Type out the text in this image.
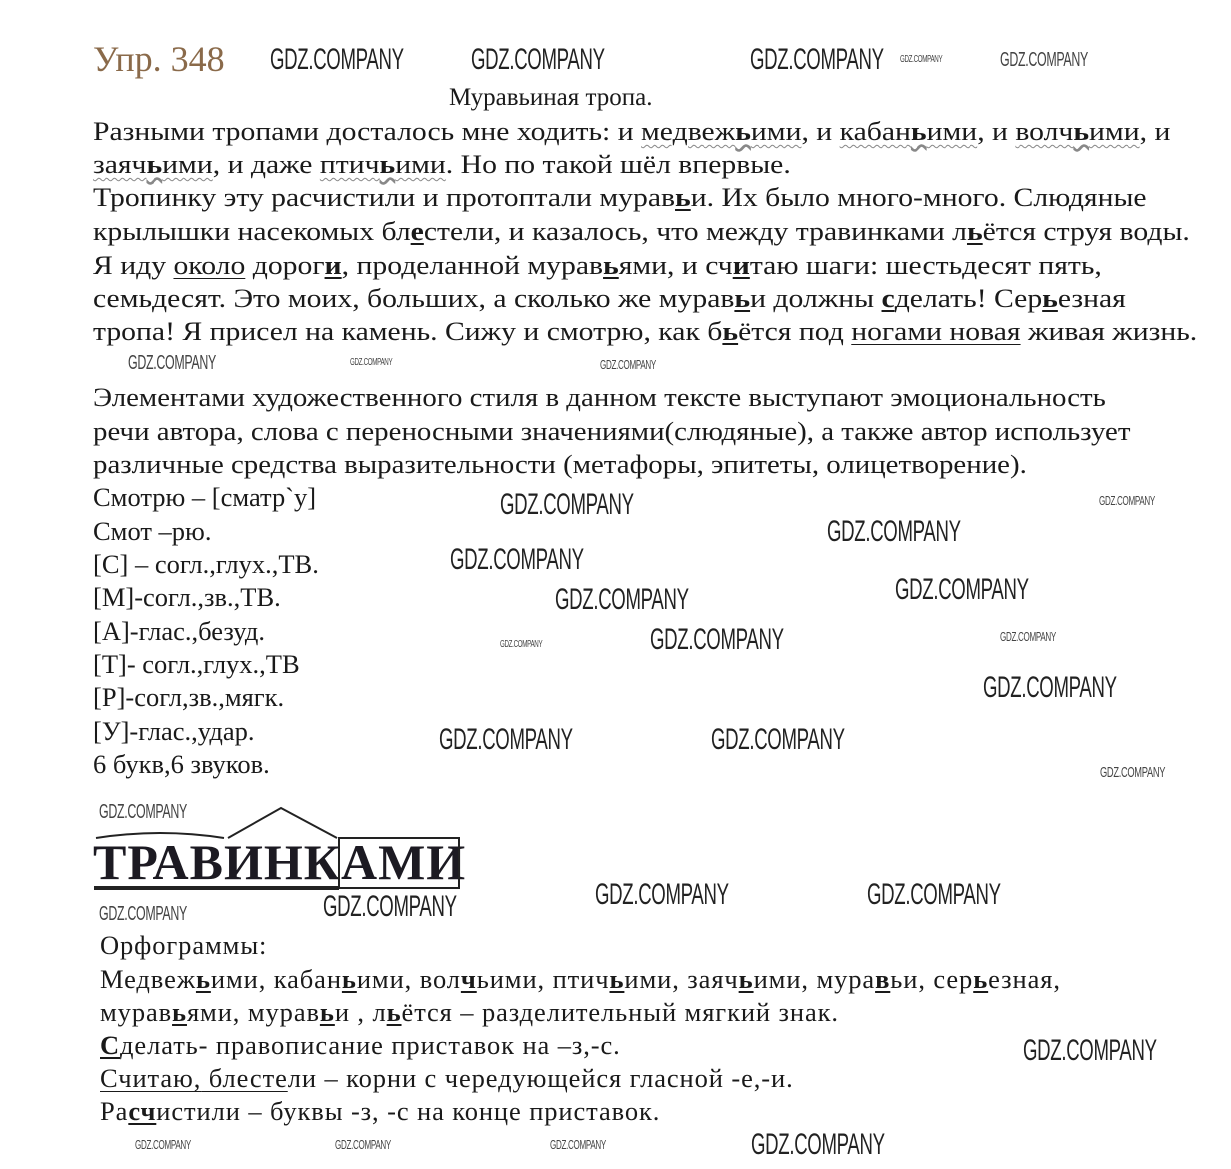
Упр. 348
Муравьиная тропа.
Разными тропами досталось мне ходить: и медвежьими, и кабаньими, и волчьими, и
заячьими, и даже птичьими. Но по такой шёл впервые.
Тропинку эту расчистили и протоптали муравьи. Их было много-много. Слюдяные
крылышки насекомых блестели, и казалось, что между травинками льётся струя воды.
Я иду около дороги, проделанной муравьями, и считаю шаги: шестьдесят пять,
семьдесят. Это моих, больших, а сколько же муравьи должны сделать! Серьезная
тропа! Я присел на камень. Сижу и смотрю, как бьётся под ногами новая живая жизнь.
Элементами художественного стиля в данном тексте выступают эмоциональность
речи автора, слова с переносными значениями(слюдяные), а также автор использует
различные средства выразительности (метафоры, эпитеты, олицетворение).
Смотрю – [сматр`у]
Смот –рю.
[С] – согл.,глух.,ТВ.
[М]-согл.,зв.,ТВ.
[А]-глас.,безуд.
[Т]- согл.,глух.,ТВ
[Р]-согл,зв.,мягк.
[У]-глас.,удар.
6 букв,6 звуков.
Орфограммы:
Медвежьими, кабаньими, волчьими, птичьими, заячьими, муравьи, серьезная,
муравьями, муравьи , льётся – разделительный мягкий знак.
Сделать- правописание приставок на –з,-с.
Считаю, блестели – корни с чередующейся гласной -е,-и.
Расчистили – буквы -з, -с на конце приставок.
ТРАВИНКАМИ
GDZ.COMPANY
GDZ.COMPANY	GDZ.COMPANY
GDZ.COMPANY GDZ.COMPANY
GDZ.COMPANY
GDZ.COMPANY
GDZ.COMPANY
GDZ.COMPANY
GDZ.COMPANY
GDZ.COMPANY
GDZ.COMPANY
GDZ.COMPANY
GDZ.COMPANY
GDZ.COMPANY
GDZ.COMPANY
GDZ.COMPANY
GDZ.COMPANY
GDZ.COMPANY
GDZ.COMPANY	GDZ.COMPANY
GDZ.COMPANY
GDZ.COMPANY	GDZ.COMPANY
GDZ.COMPANY
GDZ.COMPANY
GDZ.COMPANY
GDZ.COMPANY
GDZ.COMPANY	GDZ.COMPANY	GDZ.COMPANY
